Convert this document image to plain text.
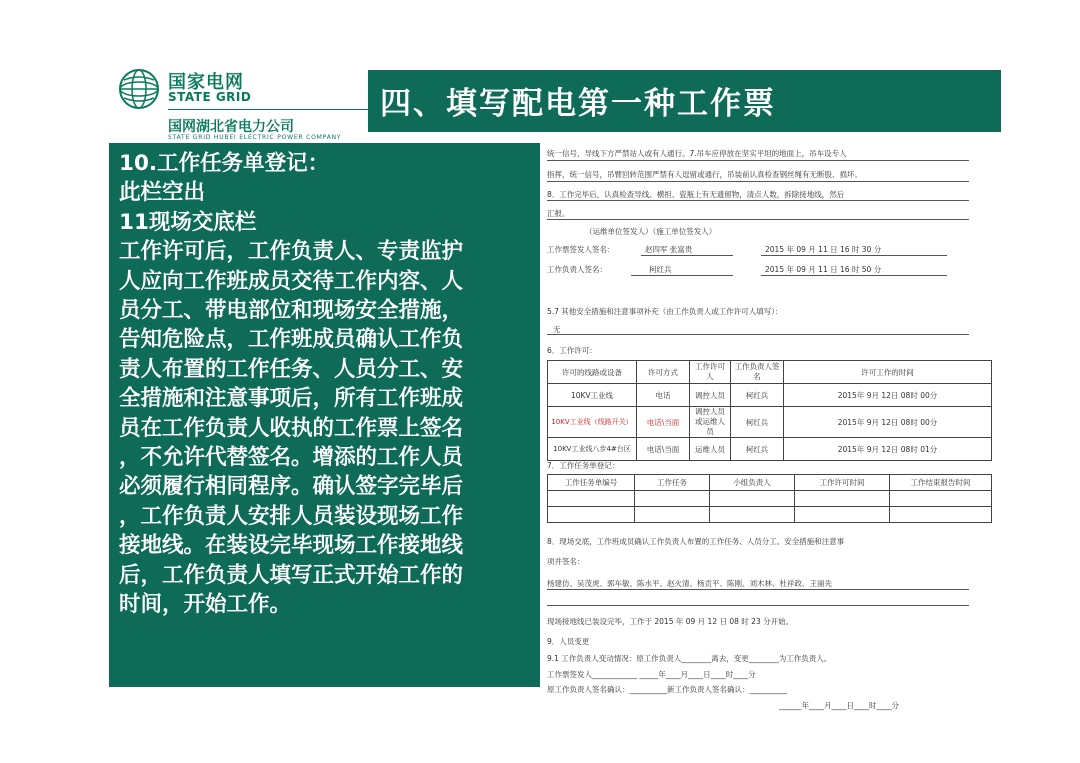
国家电网
STATE GRID
国网湖北省电力公司
STATE GRID HUBEI ELECTRIC POWER COMPANY
四、填写配电第一种工作票
10.工作任务单登记：
此栏空出
11现场交底栏
工作许可后，工作负责人、专责监护
人应向工作班成员交待工作内容、人
员分工、带电部位和现场安全措施，
告知危险点，工作班成员确认工作负
责人布置的工作任务、人员分工、安
全措施和注意事项后，所有工作班成
员在工作负责人收执的工作票上签名
，不允许代替签名。增添的工作人员
必须履行相同程序。确认签字完毕后
，工作负责人安排人员装设现场工作
接地线。在装设完毕现场工作接地线
后，工作负责人填写正式开始工作的
时间，开始工作。
统一信号，导线下方严禁站人或有人通行。7.吊车应停放在坚实平坦的地面上，吊车设专人
指挥，统一信号，吊臂回转范围严禁有人逗留或通行，吊装前认真检查钢丝绳有无断股、损坏。
8．工作完毕后，认真检查导线、横担、瓷瓶上有无遗留物，清点人数，拆除接地线，然后
汇报。
（运维单位签发人）（施工单位签发人）
工作票签发人签名：	赵四军 张富贵	2015 年 09 月 11 日 16 时 30 分
工作负责人签名：	柯红兵	2015 年 09 月 11 日 16 时 50 分
5.7 其他安全措施和注意事项补充（由工作负责人或工作许可人填写）：
无
6．工作许可：
许可的线路或设备	许可方式	工作许可人	工作负责人签名	许可工作的时间
10KV工业线	电话	调控人员	柯红兵	2015年 9月 12日 08时 00分
10KV工业线（线路开关）	电话\当面	调控人员或运维人员	柯红兵	2015年 9月 12日 08时 00分
10KV工业线八步4#台区	电话\当面	运维人员	柯红兵	2015年 9月 12日 08时 01分
7．工作任务单登记：
工作任务单编号	工作任务	小组负责人	工作许可时间	工作结束报告时间

8．现场交底，工作班成员确认工作负责人布置的工作任务、人员分工、安全措施和注意事
项并签名：
杨建仿、吴茂虎、郭车敏、陈水平、赵火清、杨贡平、陈刚、刘木林、杜祥政、王丽先
现场接地线已装设完毕，工作于 2015 年 09 月 12 日 08 时 23 分开始。
9．人员变更
9.1 工作负责人变动情况：原工作负责人________离去，变更________为工作负责人。
工作票签发人____________ _____年____月____日____时____分
原工作负责人签名确认：__________新工作负责人签名确认：__________
______年____月____日____时____分
